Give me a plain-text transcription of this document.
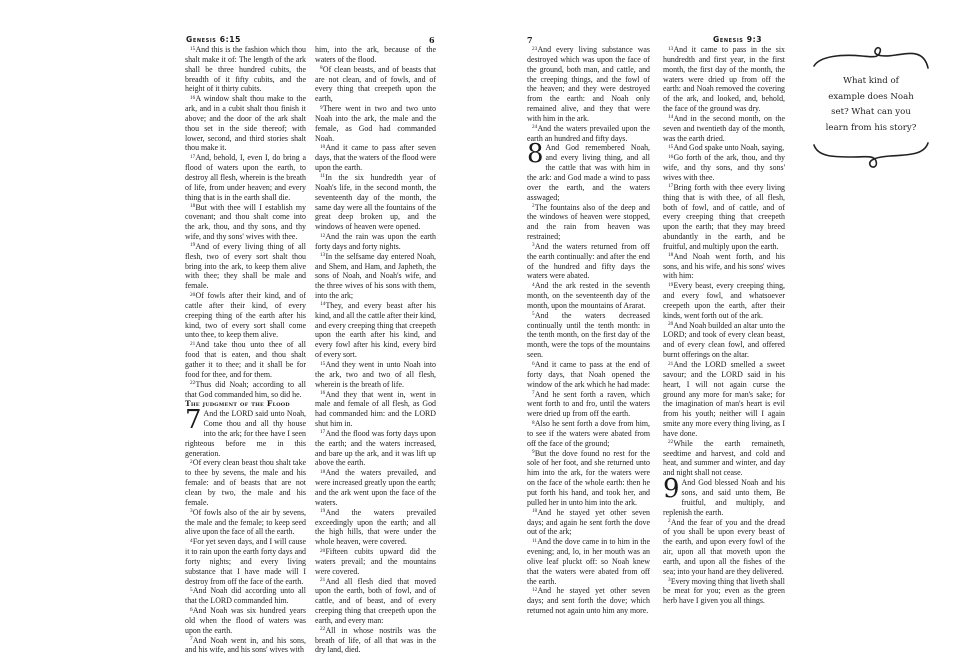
Genesis 6:15	6

$^{15}$And this is the fashion which thou shalt make it of: The length of the ark shall be three hundred cubits, the breadth of it fifty cubits, and the height of it thirty cubits.

$^{16}$A window shalt thou make to the ark, and in a cubit shalt thou finish it above; and the door of the ark shalt thou set in the side thereof; with lower, second, and third stories shalt thou make it.

$^{17}$And, behold, I, even I, do bring a flood of waters upon the earth, to destroy all flesh, wherein is the breath of life, from under heaven; and every thing that is in the earth shall die.

$^{18}$But with thee will I establish my covenant; and thou shalt come into the ark, thou, and thy sons, and thy wife, and thy sons' wives with thee.

$^{19}$And of every living thing of all flesh, two of every sort shalt thou bring into the ark, to keep them alive with thee; they shall be male and female.

$^{20}$Of fowls after their kind, and of cattle after their kind, of every creeping thing of the earth after his kind, two of every sort shall come unto thee, to keep them alive.

$^{21}$And take thou unto thee of all food that is eaten, and thou shalt gather it to thee; and it shall be for food for thee, and for them.

$^{22}$Thus did Noah; according to all that God commanded him, so did he.

The judgment of the Flood

7 And the LORD said unto Noah, Come thou and all thy house into the ark; for thee have I seen righteous before me in this generation.

$^2$Of every clean beast thou shalt take to thee by sevens, the male and his female: and of beasts that are not clean by two, the male and his female.

$^3$Of fowls also of the air by sevens, the male and the female; to keep seed alive upon the face of all the earth.

$^4$For yet seven days, and I will cause it to rain upon the earth forty days and forty nights; and every living substance that I have made will I destroy from off the face of the earth.

$^5$And Noah did according unto all that the LORD commanded him.

$^6$And Noah was six hundred years old when the flood of waters was upon the earth.

$^7$And Noah went in, and his sons, and his wife, and his sons' wives with

him, into the ark, because of the waters of the flood.

$^8$Of clean beasts, and of beasts that are not clean, and of fowls, and of every thing that creepeth upon the earth,

$^9$There went in two and two unto Noah into the ark, the male and the female, as God had commanded Noah.

$^{10}$And it came to pass after seven days, that the waters of the flood were upon the earth.

$^{11}$In the six hundredth year of Noah's life, in the second month, the seventeenth day of the month, the same day were all the fountains of the great deep broken up, and the windows of heaven were opened.

$^{12}$And the rain was upon the earth forty days and forty nights.

$^{13}$In the selfsame day entered Noah, and Shem, and Ham, and Japheth, the sons of Noah, and Noah's wife, and the three wives of his sons with them, into the ark;

$^{14}$They, and every beast after his kind, and all the cattle after their kind, and every creeping thing that creepeth upon the earth after his kind, and every fowl after his kind, every bird of every sort.

$^{15}$And they went in unto Noah into the ark, two and two of all flesh, wherein is the breath of life.

$^{16}$And they that went in, went in male and female of all flesh, as God had commanded him: and the LORD shut him in.

$^{17}$And the flood was forty days upon the earth; and the waters increased, and bare up the ark, and it was lift up above the earth.

$^{18}$And the waters prevailed, and were increased greatly upon the earth; and the ark went upon the face of the waters.

$^{19}$And the waters prevailed exceedingly upon the earth; and all the high hills, that were under the whole heaven, were covered.

$^{20}$Fifteen cubits upward did the waters prevail; and the mountains were covered.

$^{21}$And all flesh died that moved upon the earth, both of fowl, and of cattle, and of beast, and of every creeping thing that creepeth upon the earth, and every man:

$^{22}$All in whose nostrils was the breath of life, of all that was in the dry land, died.

7	Genesis 9:3

$^{23}$And every living substance was destroyed which was upon the face of the ground, both man, and cattle, and the creeping things, and the fowl of the heaven; and they were destroyed from the earth: and Noah only remained alive, and they that were with him in the ark.

$^{24}$And the waters prevailed upon the earth an hundred and fifty days.

8 And God remembered Noah, and every living thing, and all the cattle that was with him in the ark: and God made a wind to pass over the earth, and the waters asswaged;

$^2$The fountains also of the deep and the windows of heaven were stopped, and the rain from heaven was restrained;

$^3$And the waters returned from off the earth continually: and after the end of the hundred and fifty days the waters were abated.

$^4$And the ark rested in the seventh month, on the seventeenth day of the month, upon the mountains of Ararat.

$^5$And the waters decreased continually until the tenth month: in the tenth month, on the first day of the month, were the tops of the mountains seen.

$^6$And it came to pass at the end of forty days, that Noah opened the window of the ark which he had made:

$^7$And he sent forth a raven, which went forth to and fro, until the waters were dried up from off the earth.

$^8$Also he sent forth a dove from him, to see if the waters were abated from off the face of the ground;

$^9$But the dove found no rest for the sole of her foot, and she returned unto him into the ark, for the waters were on the face of the whole earth: then he put forth his hand, and took her, and pulled her in unto him into the ark.

$^{10}$And he stayed yet other seven days; and again he sent forth the dove out of the ark;

$^{11}$And the dove came in to him in the evening; and, lo, in her mouth was an olive leaf pluckt off: so Noah knew that the waters were abated from off the earth.

$^{12}$And he stayed yet other seven days; and sent forth the dove; which returned not again unto him any more.

$^{13}$And it came to pass in the six hundredth and first year, in the first month, the first day of the month, the waters were dried up from off the earth: and Noah removed the covering of the ark, and looked, and, behold, the face of the ground was dry.

$^{14}$And in the second month, on the seven and twentieth day of the month, was the earth dried.

$^{15}$And God spake unto Noah, saying,

$^{16}$Go forth of the ark, thou, and thy wife, and thy sons, and thy sons' wives with thee.

$^{17}$Bring forth with thee every living thing that is with thee, of all flesh, both of fowl, and of cattle, and of every creeping thing that creepeth upon the earth; that they may breed abundantly in the earth, and be fruitful, and multiply upon the earth.

$^{18}$And Noah went forth, and his sons, and his wife, and his sons' wives with him:

$^{19}$Every beast, every creeping thing, and every fowl, and whatsoever creepeth upon the earth, after their kinds, went forth out of the ark.

$^{20}$And Noah builded an altar unto the LORD; and took of every clean beast, and of every clean fowl, and offered burnt offerings on the altar.

$^{21}$And the LORD smelled a sweet savour; and the LORD said in his heart, I will not again curse the ground any more for man's sake; for the imagination of man's heart is evil from his youth; neither will I again smite any more every thing living, as I have done.

$^{22}$While the earth remaineth, seedtime and harvest, and cold and heat, and summer and winter, and day and night shall not cease.

9 And God blessed Noah and his sons, and said unto them, Be fruitful, and multiply, and replenish the earth.

$^2$And the fear of you and the dread of you shall be upon every beast of the earth, and upon every fowl of the air, upon all that moveth upon the earth, and upon all the fishes of the sea; into your hand are they delivered.

$^3$Every moving thing that liveth shall be meat for you; even as the green herb have I given you all things.

What kind of
example does Noah
set? What can you
learn from his story?
